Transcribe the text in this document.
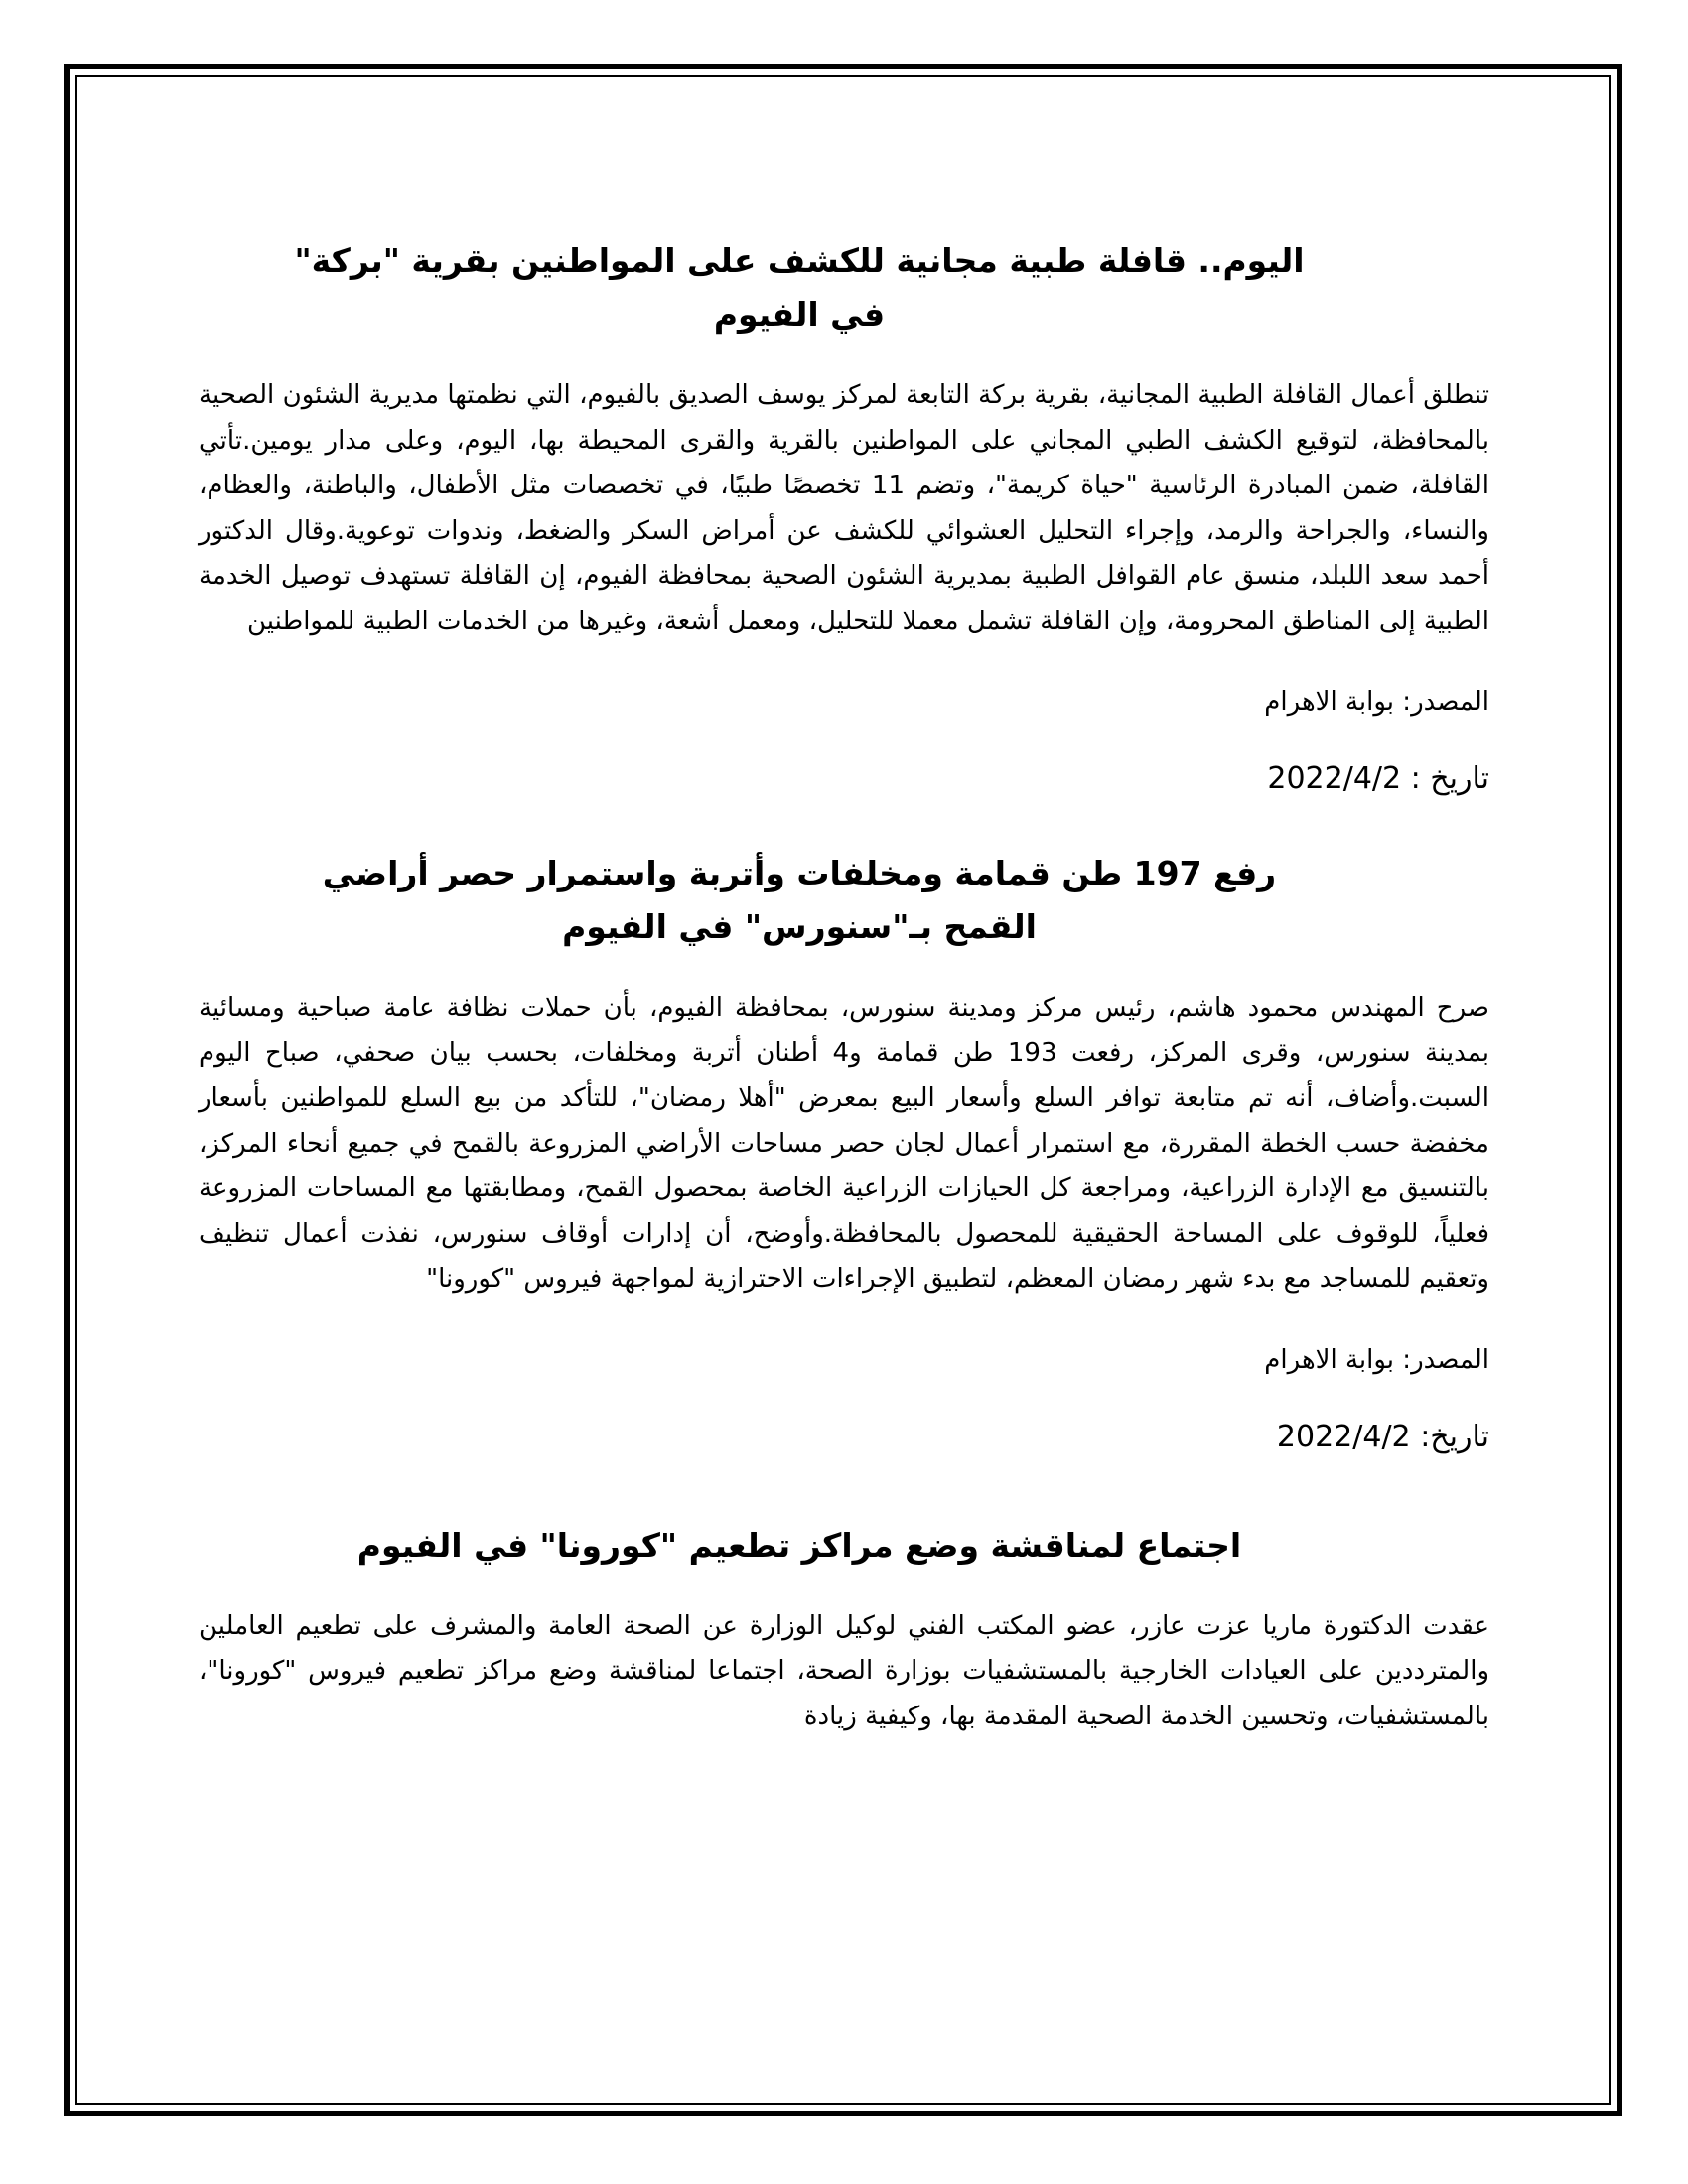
اليوم.. قافلة طبية مجانية للكشف على المواطنين بقرية "بركة" في الفيوم

تنطلق أعمال القافلة الطبية المجانية، بقرية بركة التابعة لمركز يوسف الصديق بالفيوم، التي نظمتها مديرية الشئون الصحية بالمحافظة، لتوقيع الكشف الطبي المجاني على المواطنين بالقرية والقرى المحيطة بها، اليوم، وعلى مدار يومين.تأتي القافلة، ضمن المبادرة الرئاسية "حياة كريمة"، وتضم 11 تخصصًا طبيًا، في تخصصات مثل الأطفال، والباطنة، والعظام، والنساء، والجراحة والرمد، وإجراء التحليل العشوائي للكشف عن أمراض السكر والضغط، وندوات توعوية.وقال الدكتور أحمد سعد اللبلد، منسق عام القوافل الطبية بمديرية الشئون الصحية بمحافظة الفيوم، إن القافلة تستهدف توصيل الخدمة الطبية إلى المناطق المحرومة، وإن القافلة تشمل معملا للتحليل، ومعمل أشعة، وغيرها من الخدمات الطبية للمواطنين

المصدر: بوابة الاهرام

تاريخ : 2022/4/2

رفع 197 طن قمامة ومخلفات وأتربة واستمرار حصر أراضي القمح بـ"سنورس" في الفيوم

صرح المهندس محمود هاشم، رئيس مركز ومدينة سنورس، بمحافظة الفيوم، بأن حملات نظافة عامة صباحية ومسائية بمدينة سنورس، وقرى المركز، رفعت 193 طن قمامة و4 أطنان أتربة ومخلفات، بحسب بيان صحفي، صباح اليوم السبت.وأضاف، أنه تم متابعة توافر السلع وأسعار البيع بمعرض "أهلا رمضان"، للتأكد من بيع السلع للمواطنين بأسعار مخفضة حسب الخطة المقررة، مع استمرار أعمال لجان حصر مساحات الأراضي المزروعة بالقمح في جميع أنحاء المركز، بالتنسيق مع الإدارة الزراعية، ومراجعة كل الحيازات الزراعية الخاصة بمحصول القمح، ومطابقتها مع المساحات المزروعة فعلياً، للوقوف على المساحة الحقيقية للمحصول بالمحافظة.وأوضح، أن إدارات أوقاف سنورس، نفذت أعمال تنظيف وتعقيم للمساجد مع بدء شهر رمضان المعظم، لتطبيق الإجراءات الاحترازية لمواجهة فيروس "كورونا"

المصدر: بوابة الاهرام

تاريخ: 2022/4/2

اجتماع لمناقشة وضع مراكز تطعيم "كورونا" في الفيوم

عقدت الدكتورة ماريا عزت عازر، عضو المكتب الفني لوكيل الوزارة عن الصحة العامة والمشرف على تطعيم العاملين والمترددين على العيادات الخارجية بالمستشفيات بوزارة الصحة، اجتماعا لمناقشة وضع مراكز تطعيم فيروس "كورونا"، بالمستشفيات، وتحسين الخدمة الصحية المقدمة بها، وكيفية زيادة
